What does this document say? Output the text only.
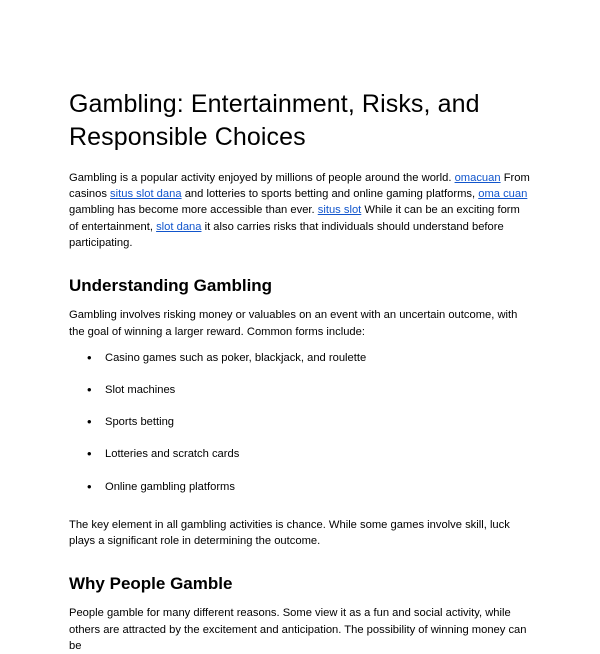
Gambling: Entertainment, Risks, and Responsible Choices

Gambling is a popular activity enjoyed by millions of people around the world. omacuan From casinos situs slot dana and lotteries to sports betting and online gaming platforms, oma cuan gambling has become more accessible than ever. situs slot While it can be an exciting form of entertainment, slot dana it also carries risks that individuals should understand before participating.

Understanding Gambling

Gambling involves risking money or valuables on an event with an uncertain outcome, with the goal of winning a larger reward. Common forms include:

• Casino games such as poker, blackjack, and roulette
• Slot machines
• Sports betting
• Lotteries and scratch cards
• Online gambling platforms

The key element in all gambling activities is chance. While some games involve skill, luck plays a significant role in determining the outcome.

Why People Gamble

People gamble for many different reasons. Some view it as a fun and social activity, while others are attracted by the excitement and anticipation. The possibility of winning money can be
